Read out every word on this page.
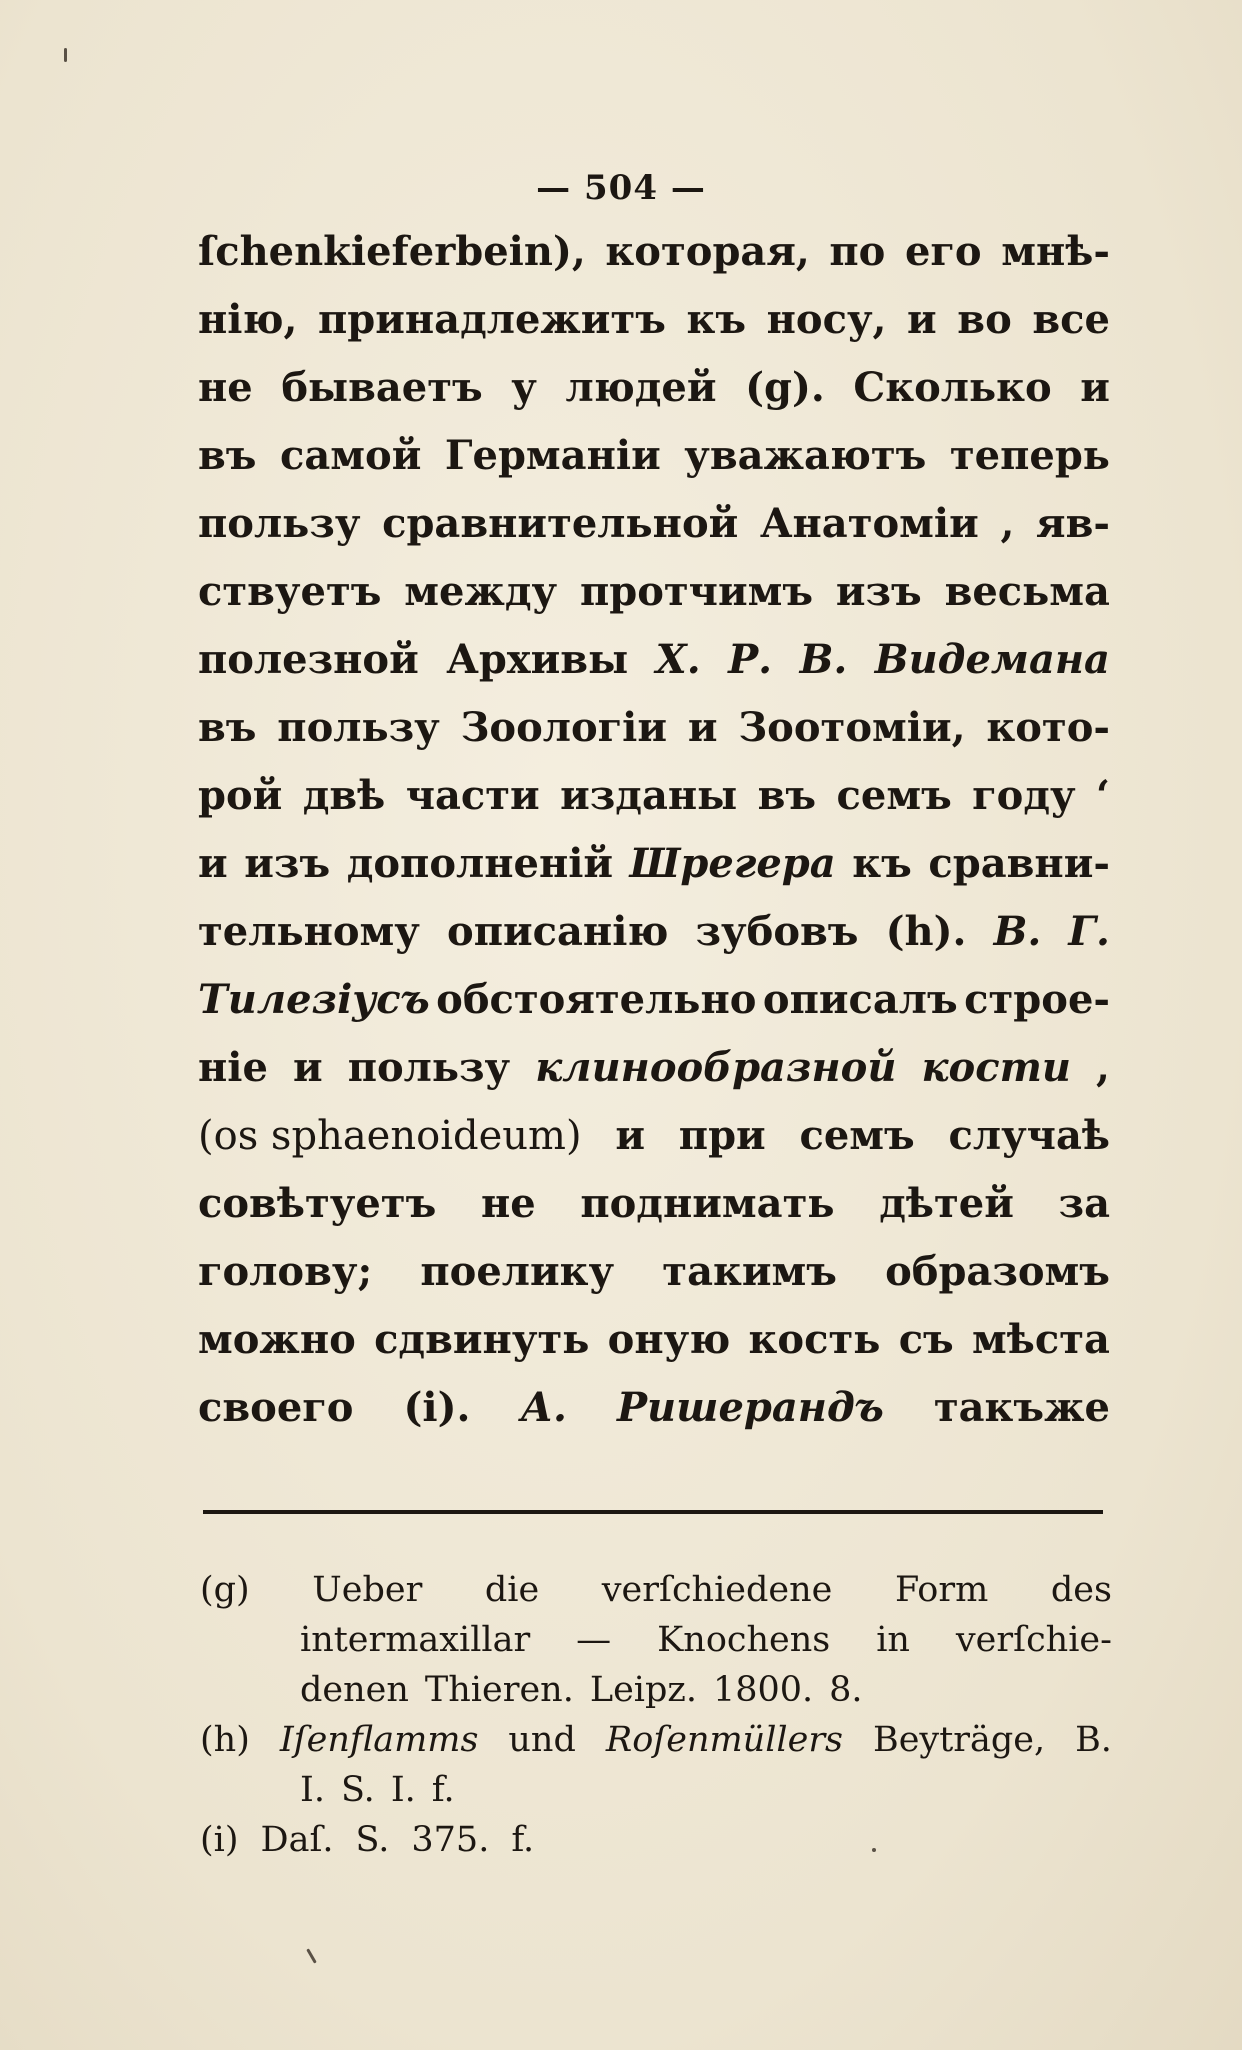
— 504 —
ſchenkieferbein), которая, по его мнѣ-
нію, принадлежитъ къ носу, и во все
не бываетъ у людей (g). Сколько и
въ самой Германіи уважаютъ теперь
пользу сравнительной Анатоміи , яв-
ствуетъ между протчимъ изъ весьма
полезной Архивы Х. Р. В. Видемана
въ пользу Зоологіи и Зоотоміи, кото-
рой двѣ части изданы въ семъ году ‘
и изъ дополненій Шрегера къ сравни-
тельному описанію зубовъ (h). В. Г.
Тилезіусъ обстоятельно описалъ строе-
ніе и пользу клинообразной кости ,
(os sphaenoideum) и при семъ случаѣ
совѣтуетъ не поднимать дѣтей за
голову; поелику такимъ образомъ
можно сдвинуть оную кость съ мѣста
своего (i). А. Ришерандъ такъже
(g) Ueber die verſchiedene Form des
intermaxillar — Knochens in verſchie-
denen Thieren. Leipz. 1800. 8.
(h) Iſenflamms und Roſenmüllers Beyträge, B.
I. S. I. f.
(i) Daſ. S. 375. f.
